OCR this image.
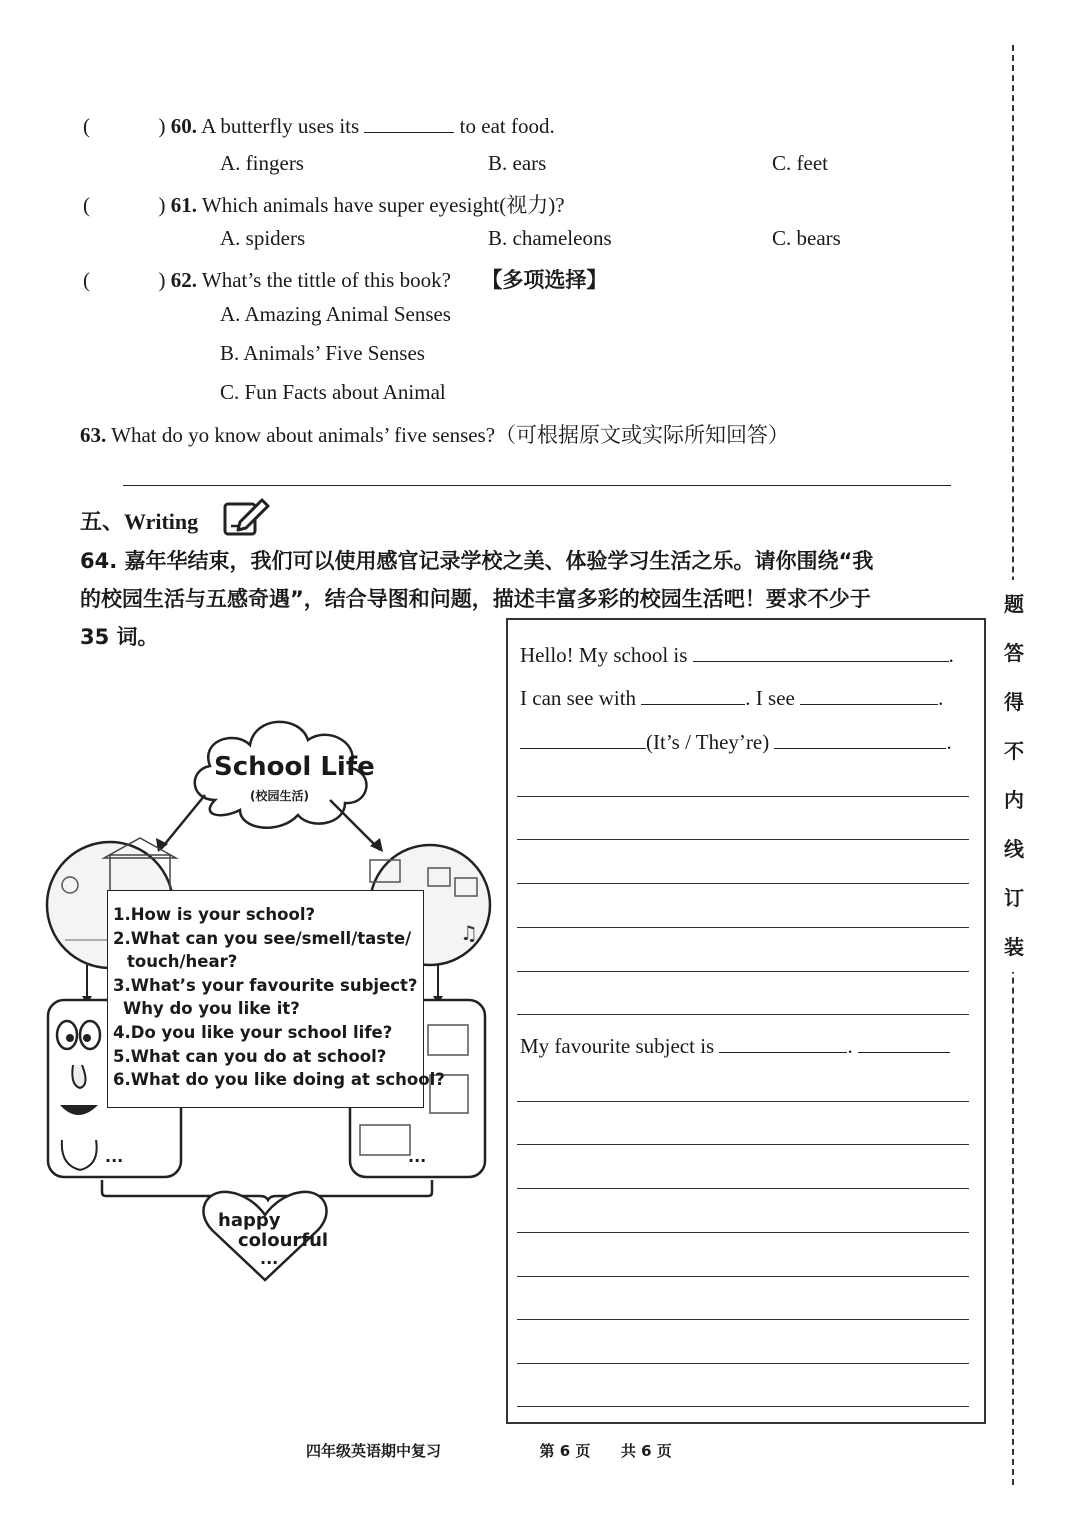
题
答
得
不
内
线
订
装
(	) 60. A butterfly uses its	to eat food.
A. fingers	B. ears	C. feet
(	) 61. Which animals have super eyesight(视力)?
A. spiders	B. chameleons	C. bears
(	) 62. What’s the tittle of this book? 【多项选择】
A. Amazing Animal Senses
B. Animals’ Five Senses
C. Fun Facts about Animal
63. What do yo know about animals’ five senses?（可根据原文或实际所知回答）
五、Writing
64. 嘉年华结束，我们可以使用感官记录学校之美、体验学习生活之乐。请你围绕“我
的校园生活与五感奇遇”，结合导图和问题，描述丰富多彩的校园生活吧！要求不少于
35 词。
♫
School Life
(校园生活)
...	...
happy
colourful
...
1.How is your school?
2.What can you see/smell/taste/
touch/hear?
3.What’s your favourite subject?
Why do you like it?
4.Do you like your school life?
5.What can you do at school?
6.What do you like doing at school?
Hello! My school is	.
I can see with	. I see	.
(It’s / They’re)	.
My favourite subject is	.
四年级英语期中复习	第 6 页 共 6 页
